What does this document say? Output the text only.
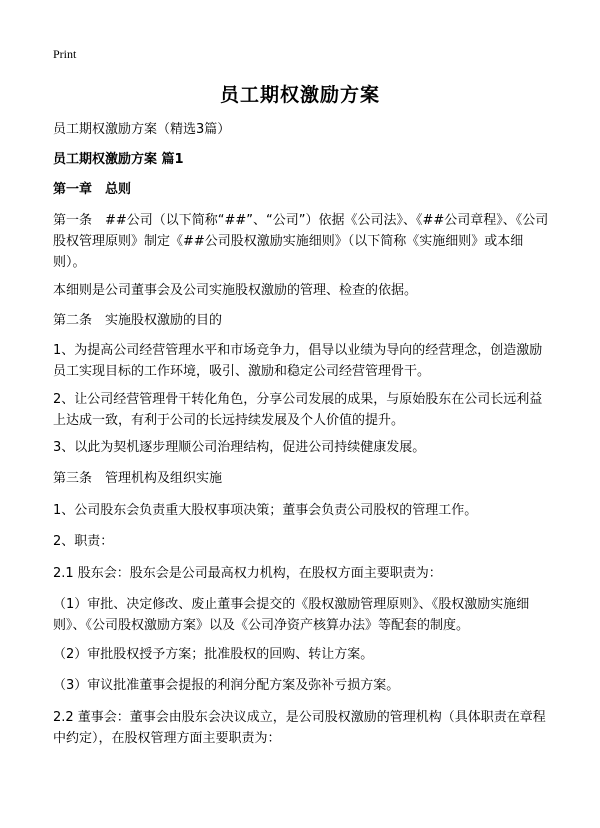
Print
员工期权激励方案

员工期权激励方案（精选3篇）

员工期权激励方案 篇1

第一章　总则

第一条　##公司（以下简称“##”、“公司”）依据《公司法》、《##公司章程》、《公司股权管理原则》制定《##公司股权激励实施细则》（以下简称《实施细则》或本细则）。

本细则是公司董事会及公司实施股权激励的管理、检查的依据。

第二条　实施股权激励的目的

1、为提高公司经营管理水平和市场竞争力，倡导以业绩为导向的经营理念，创造激励员工实现目标的工作环境，吸引、激励和稳定公司经营管理骨干。

2、让公司经营管理骨干转化角色，分享公司发展的成果，与原始股东在公司长远利益上达成一致，有利于公司的长远持续发展及个人价值的提升。

3、以此为契机逐步理顺公司治理结构，促进公司持续健康发展。

第三条　管理机构及组织实施

1、公司股东会负责重大股权事项决策；董事会负责公司股权的管理工作。

2、职责：

2.1 股东会：股东会是公司最高权力机构，在股权方面主要职责为：

（1）审批、决定修改、废止董事会提交的《股权激励管理原则》、《股权激励实施细则》、《公司股权激励方案》以及《公司净资产核算办法》等配套的制度。

（2）审批股权授予方案；批准股权的回购、转让方案。

（3）审议批准董事会提报的利润分配方案及弥补亏损方案。

2.2 董事会：董事会由股东会决议成立，是公司股权激励的管理机构（具体职责在章程中约定），在股权管理方面主要职责为：
